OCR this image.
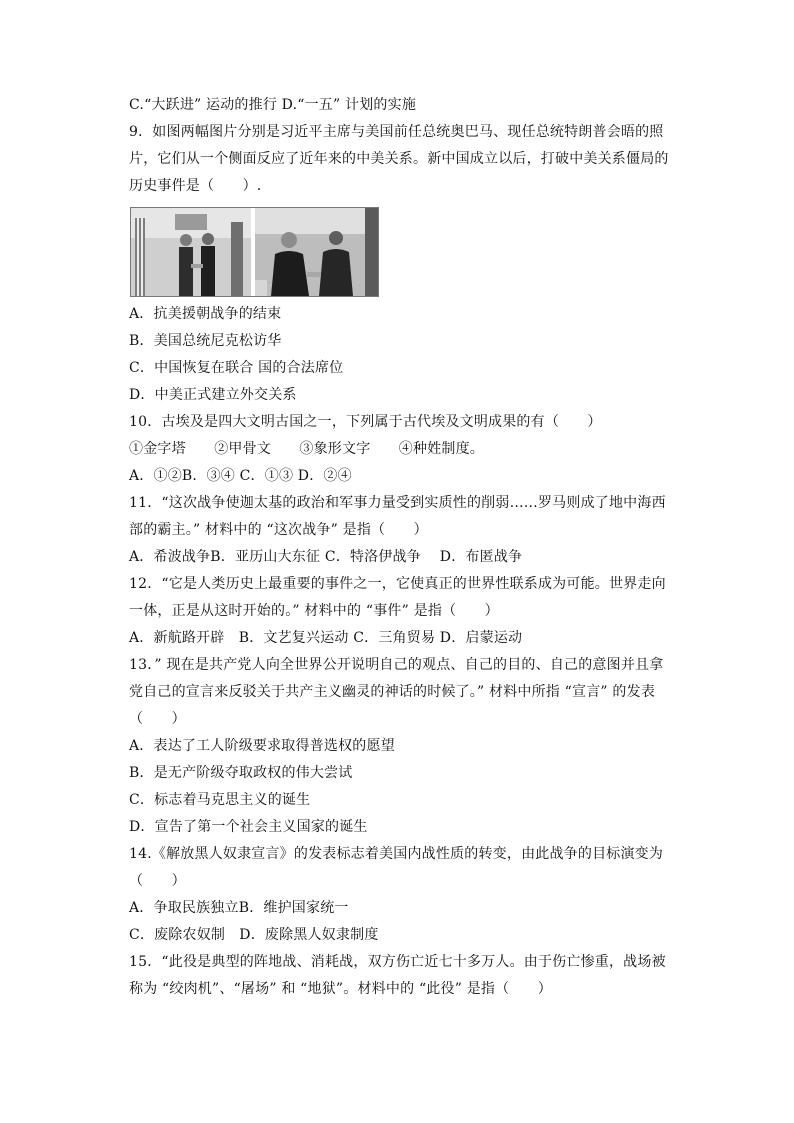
C.“大跃进” 运动的推行 D.“一五” 计划的实施
9．如图两幅图片分别是习近平主席与美国前任总统奥巴马、现任总统特朗普会晤的照
片，它们从一个侧面反应了近年来的中美关系。新中国成立以后，打破中美关系僵局的
历史事件是（　　）.
A．抗美援朝战争的结束
B．美国总统尼克松访华
C．中国恢复在联合 国的合法席位
D．中美正式建立外交关系
10．古埃及是四大文明古国之一，下列属于古代埃及文明成果的有（　　）
①金字塔　　②甲骨文　　③象形文字　　④种姓制度。
A．①②B．③④ C．①③ D．②④
11．“这次战争使迦太基的政治和军事力量受到实质性的削弱……罗马则成了地中海西
部的霸主。” 材料中的 “这次战争” 是指（　　）
A．希波战争B．亚历山大东征 C．特洛伊战争　 D．布匿战争
12．“它是人类历史上最重要的事件之一，它使真正的世界性联系成为可能。世界走向
一体，正是从这时开始的。” 材料中的 “事件” 是指（　　）
A．新航路开辟　B．文艺复兴运动 C．三角贸易 D．启蒙运动
13．” 现在是共产党人向全世界公开说明自己的观点、自己的目的、自己的意图并且拿
党自己的宣言来反驳关于共产主义幽灵的神话的时候了。” 材料中所指 “宣言” 的发表
（　　）
A．表达了工人阶级要求取得普选权的愿望
B．是无产阶级夺取政权的伟大尝试
C．标志着马克思主义的诞生
D．宣告了第一个社会主义国家的诞生
14.《解放黑人奴隶宣言》的发表标志着美国内战性质的转变，由此战争的目标演变为
（　　）
A．争取民族独立B．维护国家统一
C．废除农奴制　D．废除黑人奴隶制度
15．“此役是典型的阵地战、消耗战，双方伤亡近七十多万人。由于伤亡惨重，战场被
称为 “绞肉机”、“屠场” 和 “地狱”。材料中的 “此役” 是指（　　）
